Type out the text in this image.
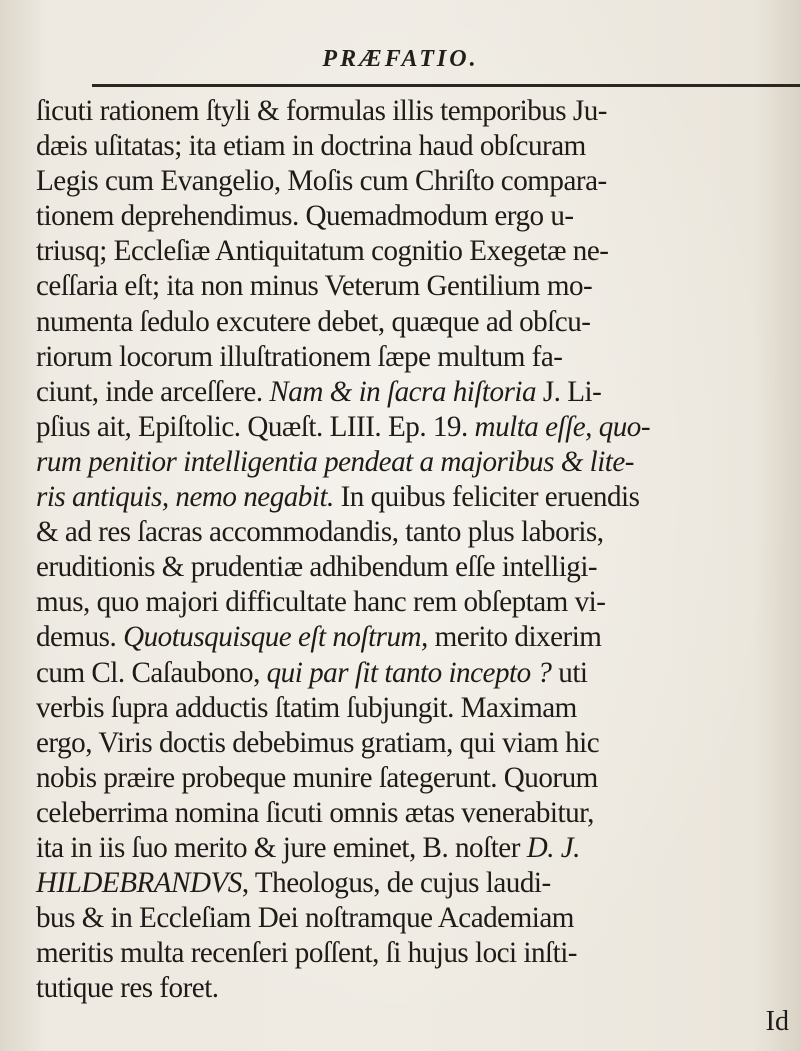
PRÆFATIO.
ſicuti rationem ſtyli & formulas illis temporibus Ju-
dæis uſitatas; ita etiam in doctrina haud obſcuram
Legis cum Evangelio, Moſis cum Chriſto compara-
tionem deprehendimus. Quemadmodum ergo u-
triusq; Eccleſiæ Antiquitatum cognitio Exegetæ ne-
ceſſaria eſt; ita non minus Veterum Gentilium mo-
numenta ſedulo excutere debet, quæque ad obſcu-
riorum locorum illuſtrationem ſæpe multum fa-
ciunt, inde arceſſere. Nam & in ſacra hiſtoria J. Li-
pſius ait, Epiſtolic. Quæſt. LIII. Ep. 19. multa eſſe, quo-
rum penitior intelligentia pendeat a majoribus & lite-
ris antiquis, nemo negabit. In quibus feliciter eruendis
& ad res ſacras accommodandis, tanto plus laboris,
eruditionis & prudentiæ adhibendum eſſe intelligi-
mus, quo majori difficultate hanc rem obſeptam vi-
demus. Quotusquisque eſt noſtrum, merito dixerim
cum Cl. Caſaubono, qui par ſit tanto incepto ? uti
verbis ſupra adductis ſtatim ſubjungit. Maximam
ergo, Viris doctis debebimus gratiam, qui viam hic
nobis præire probeque munire ſategerunt. Quorum
celeberrima nomina ſicuti omnis ætas venerabitur,
ita in iis ſuo merito & jure eminet, B. noſter D. J.
HILDEBRANDVS, Theologus, de cujus laudi-
bus & in Eccleſiam Dei noſtramque Academiam
meritis multa recenſeri poſſent, ſi hujus loci inſti-
tutique res foret.
Id
